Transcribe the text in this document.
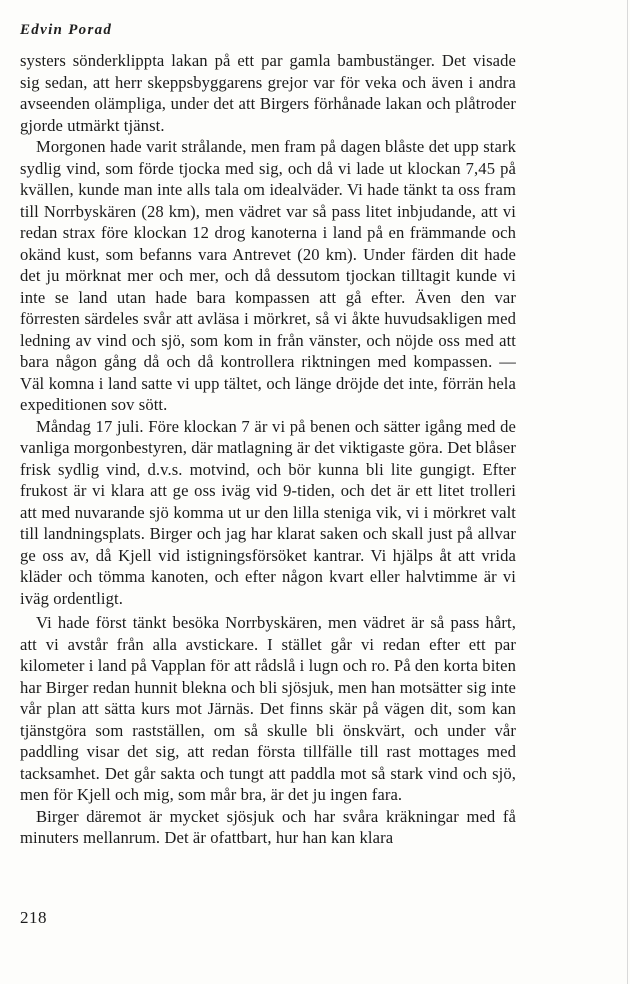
Edvin Porad

systers sönderklippta lakan på ett par gamla bambustänger. Det visade sig sedan, att herr skeppsbyggarens grejor var för veka och även i andra avseenden olämpliga, under det att Birgers förhånade lakan och plåtroder gjorde utmärkt tjänst.

Morgonen hade varit strålande, men fram på dagen blåste det upp stark sydlig vind, som förde tjocka med sig, och då vi lade ut klockan 7,45 på kvällen, kunde man inte alls tala om idealväder. Vi hade tänkt ta oss fram till Norrbyskären (28 km), men vädret var så pass litet inbjudande, att vi redan strax före klockan 12 drog kanoterna i land på en främmande och okänd kust, som befanns vara Antrevet (20 km). Under färden dit hade det ju mörknat mer och mer, och då dessutom tjockan tilltagit kunde vi inte se land utan hade bara kompassen att gå efter. Även den var förresten särdeles svår att avläsa i mörkret, så vi åkte huvudsakligen med ledning av vind och sjö, som kom in från vänster, och nöjde oss med att bara någon gång då och då kontrollera riktningen med kompassen. — Väl komna i land satte vi upp tältet, och länge dröjde det inte, förrän hela expeditionen sov sött.

Måndag 17 juli. Före klockan 7 är vi på benen och sätter igång med de vanliga morgonbestyren, där matlagning är det viktigaste göra. Det blåser frisk sydlig vind, d.v.s. motvind, och bör kunna bli lite gungigt. Efter frukost är vi klara att ge oss iväg vid 9-tiden, och det är ett litet trolleri att med nuvarande sjö komma ut ur den lilla steniga vik, vi i mörkret valt till landningsplats. Birger och jag har klarat saken och skall just på allvar ge oss av, då Kjell vid istigningsförsöket kantrar. Vi hjälps åt att vrida kläder och tömma kanoten, och efter någon kvart eller halvtimme är vi iväg ordentligt.

Vi hade först tänkt besöka Norrbyskären, men vädret är så pass hårt, att vi avstår från alla avstickare. I stället går vi redan efter ett par kilometer i land på Vapplan för att rådslå i lugn och ro. På den korta biten har Birger redan hunnit blekna och bli sjösjuk, men han motsätter sig inte vår plan att sätta kurs mot Järnäs. Det finns skär på vägen dit, som kan tjänstgöra som rastställen, om så skulle bli önskvärt, och under vår paddling visar det sig, att redan första tillfälle till rast mottages med tacksamhet. Det går sakta och tungt att paddla mot så stark vind och sjö, men för Kjell och mig, som mår bra, är det ju ingen fara.

Birger däremot är mycket sjösjuk och har svåra kräkningar med få minuters mellanrum. Det är ofattbart, hur han kan klara

218
